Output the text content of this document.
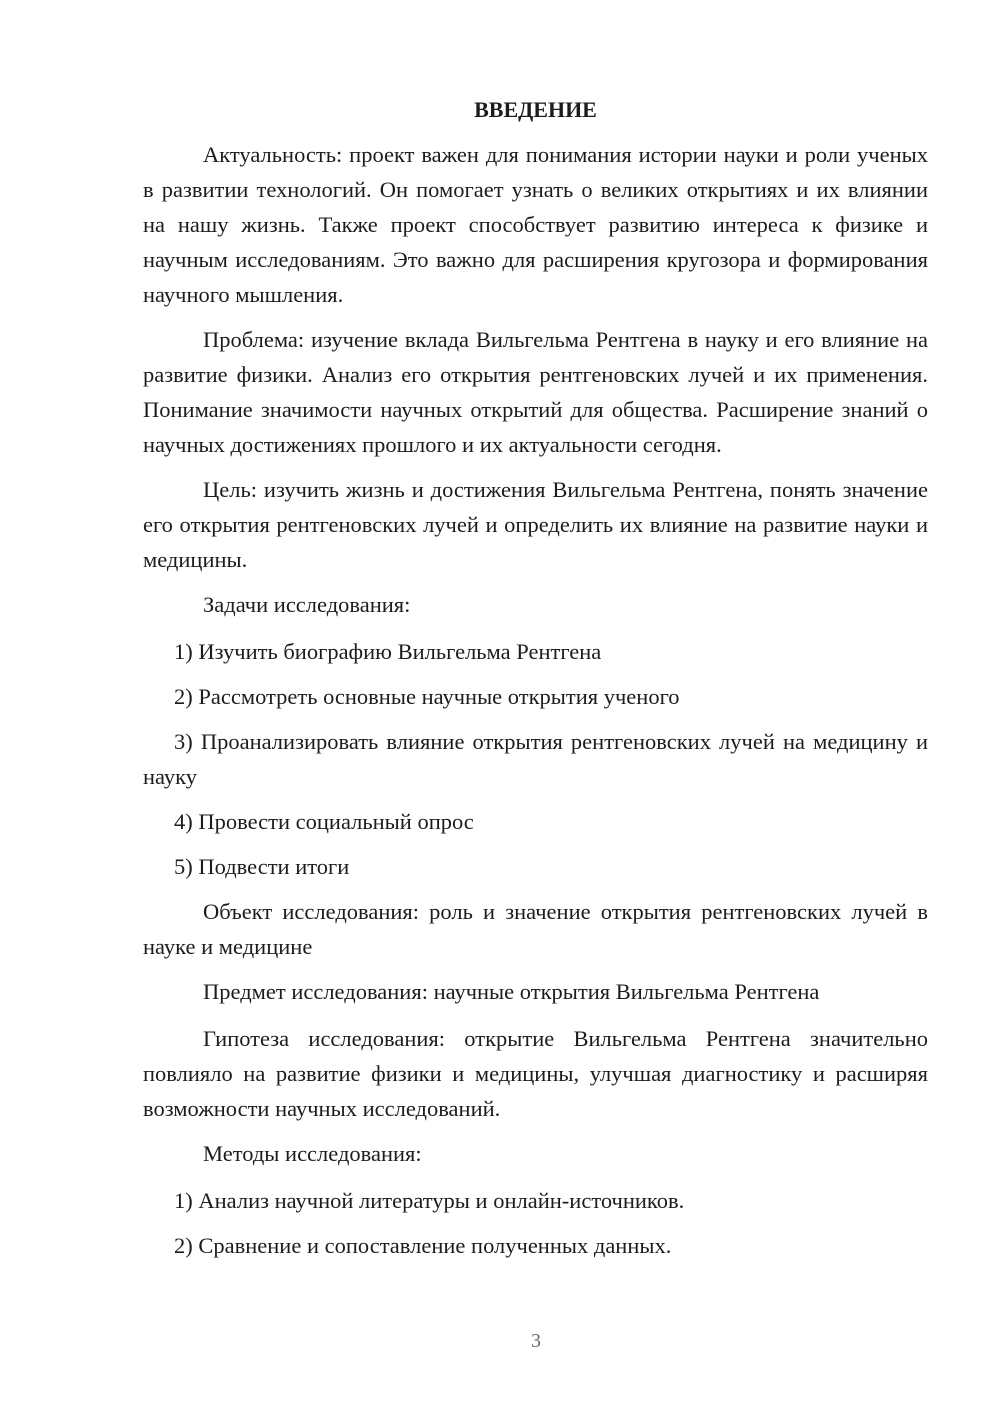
ВВЕДЕНИЕ

Актуальность: проект важен для понимания истории науки и роли ученых в развитии технологий. Он помогает узнать о великих открытиях и их влиянии на нашу жизнь. Также проект способствует развитию интереса к физике и научным исследованиям. Это важно для расширения кругозора и формирования научного мышления.

Проблема: изучение вклада Вильгельма Рентгена в науку и его влияние на развитие физики. Анализ его открытия рентгеновских лучей и их применения. Понимание значимости научных открытий для общества. Расширение знаний о научных достижениях прошлого и их актуальности сегодня.

Цель: изучить жизнь и достижения Вильгельма Рентгена, понять значение его открытия рентгеновских лучей и определить их влияние на развитие науки и медицины.

Задачи исследования:

1) Изучить биографию Вильгельма Рентгена

2) Рассмотреть основные научные открытия ученого

3) Проанализировать влияние открытия рентгеновских лучей на медицину и науку

4) Провести социальный опрос

5) Подвести итоги

Объект исследования: роль и значение открытия рентгеновских лучей в науке и медицине

Предмет исследования: научные открытия Вильгельма Рентгена

Гипотеза исследования: открытие Вильгельма Рентгена значительно повлияло на развитие физики и медицины, улучшая диагностику и расширяя возможности научных исследований.

Методы исследования:

1) Анализ научной литературы и онлайн-источников.

2) Сравнение и сопоставление полученных данных.

3
